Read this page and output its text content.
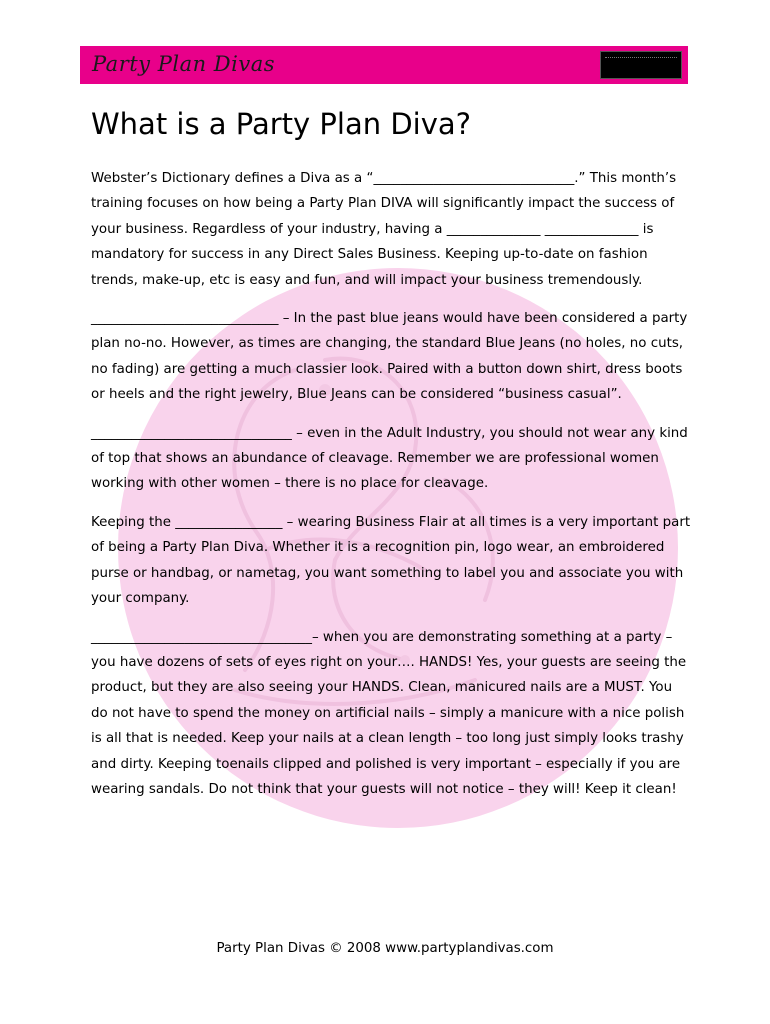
Party Plan Divas
What is a Party Plan Diva?

Webster’s Dictionary defines a Diva as a “______________________________.” This month’s training focuses on how being a Party Plan DIVA will significantly impact the success of your business. Regardless of your industry, having a ______________ ______________ is mandatory for success in any Direct Sales Business. Keeping up-to-date on fashion trends, make-up, etc is easy and fun, and will impact your business tremendously.

____________________________ – In the past blue jeans would have been considered a party plan no-no. However, as times are changing, the standard Blue Jeans (no holes, no cuts, no fading) are getting a much classier look. Paired with a button down shirt, dress boots or heels and the right jewelry, Blue Jeans can be considered “business casual”.

______________________________ – even in the Adult Industry, you should not wear any kind of top that shows an abundance of cleavage. Remember we are professional women working with other women – there is no place for cleavage.

Keeping the ________________ – wearing Business Flair at all times is a very important part of being a Party Plan Diva. Whether it is a recognition pin, logo wear, an embroidered purse or handbag, or nametag, you want something to label you and associate you with your company.

_________________________________– when you are demonstrating something at a party – you have dozens of sets of eyes right on your…. HANDS! Yes, your guests are seeing the product, but they are also seeing your HANDS. Clean, manicured nails are a MUST. You do not have to spend the money on artificial nails – simply a manicure with a nice polish is all that is needed. Keep your nails at a clean length – too long just simply looks trashy and dirty. Keeping toenails clipped and polished is very important – especially if you are wearing sandals. Do not think that your guests will not notice – they will! Keep it clean!

Party Plan Divas © 2008 www.partyplandivas.com
